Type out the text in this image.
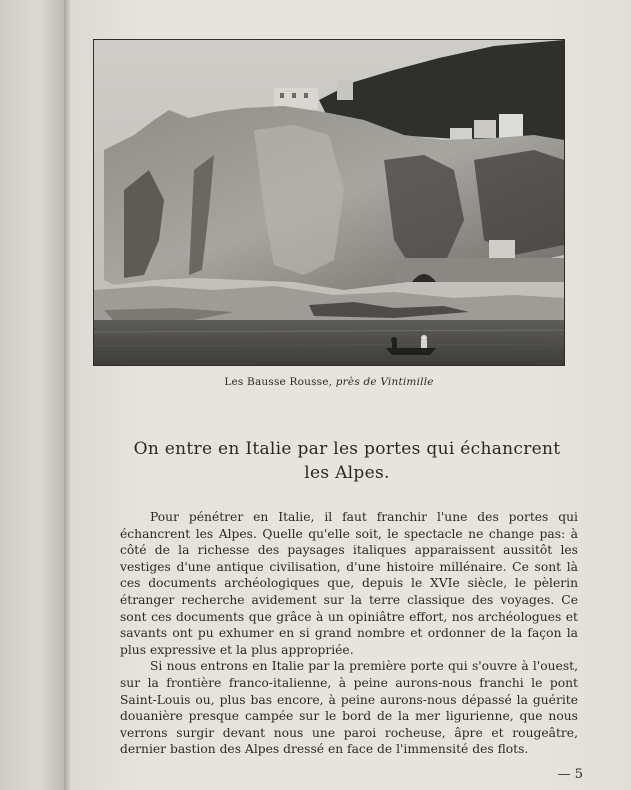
Les Bausse Rousse, près de Vintimille
On entre en Italie par les portes qui échancrent
les Alpes.

Pour pénétrer en Italie, il faut franchir l'une des portes qui échancrent les Alpes. Quelle qu'elle soit, le spectacle ne change pas: à côté de la richesse des paysages italiques apparaissent aussitôt les vestiges d'une antique civilisation, d'une histoire millénaire. Ce sont là ces documents archéologiques que, depuis le XVIe siècle, le pèlerin étranger recherche avidement sur la terre classique des voyages. Ce sont ces documents que grâce à un opiniâtre effort, nos archéologues et savants ont pu exhumer en si grand nombre et ordonner de la façon la plus expressive et la plus appropriée.

Si nous entrons en Italie par la première porte qui s'ouvre à l'ouest, sur la frontière franco-italienne, à peine aurons-nous franchi le pont Saint-Louis ou, plus bas encore, à peine aurons-nous dépassé la guérite douanière presque campée sur le bord de la mer ligurienne, que nous verrons surgir devant nous une paroi rocheuse, âpre et rougeâtre, dernier bastion des Alpes dressé en face de l'immensité des flots.

— 5
